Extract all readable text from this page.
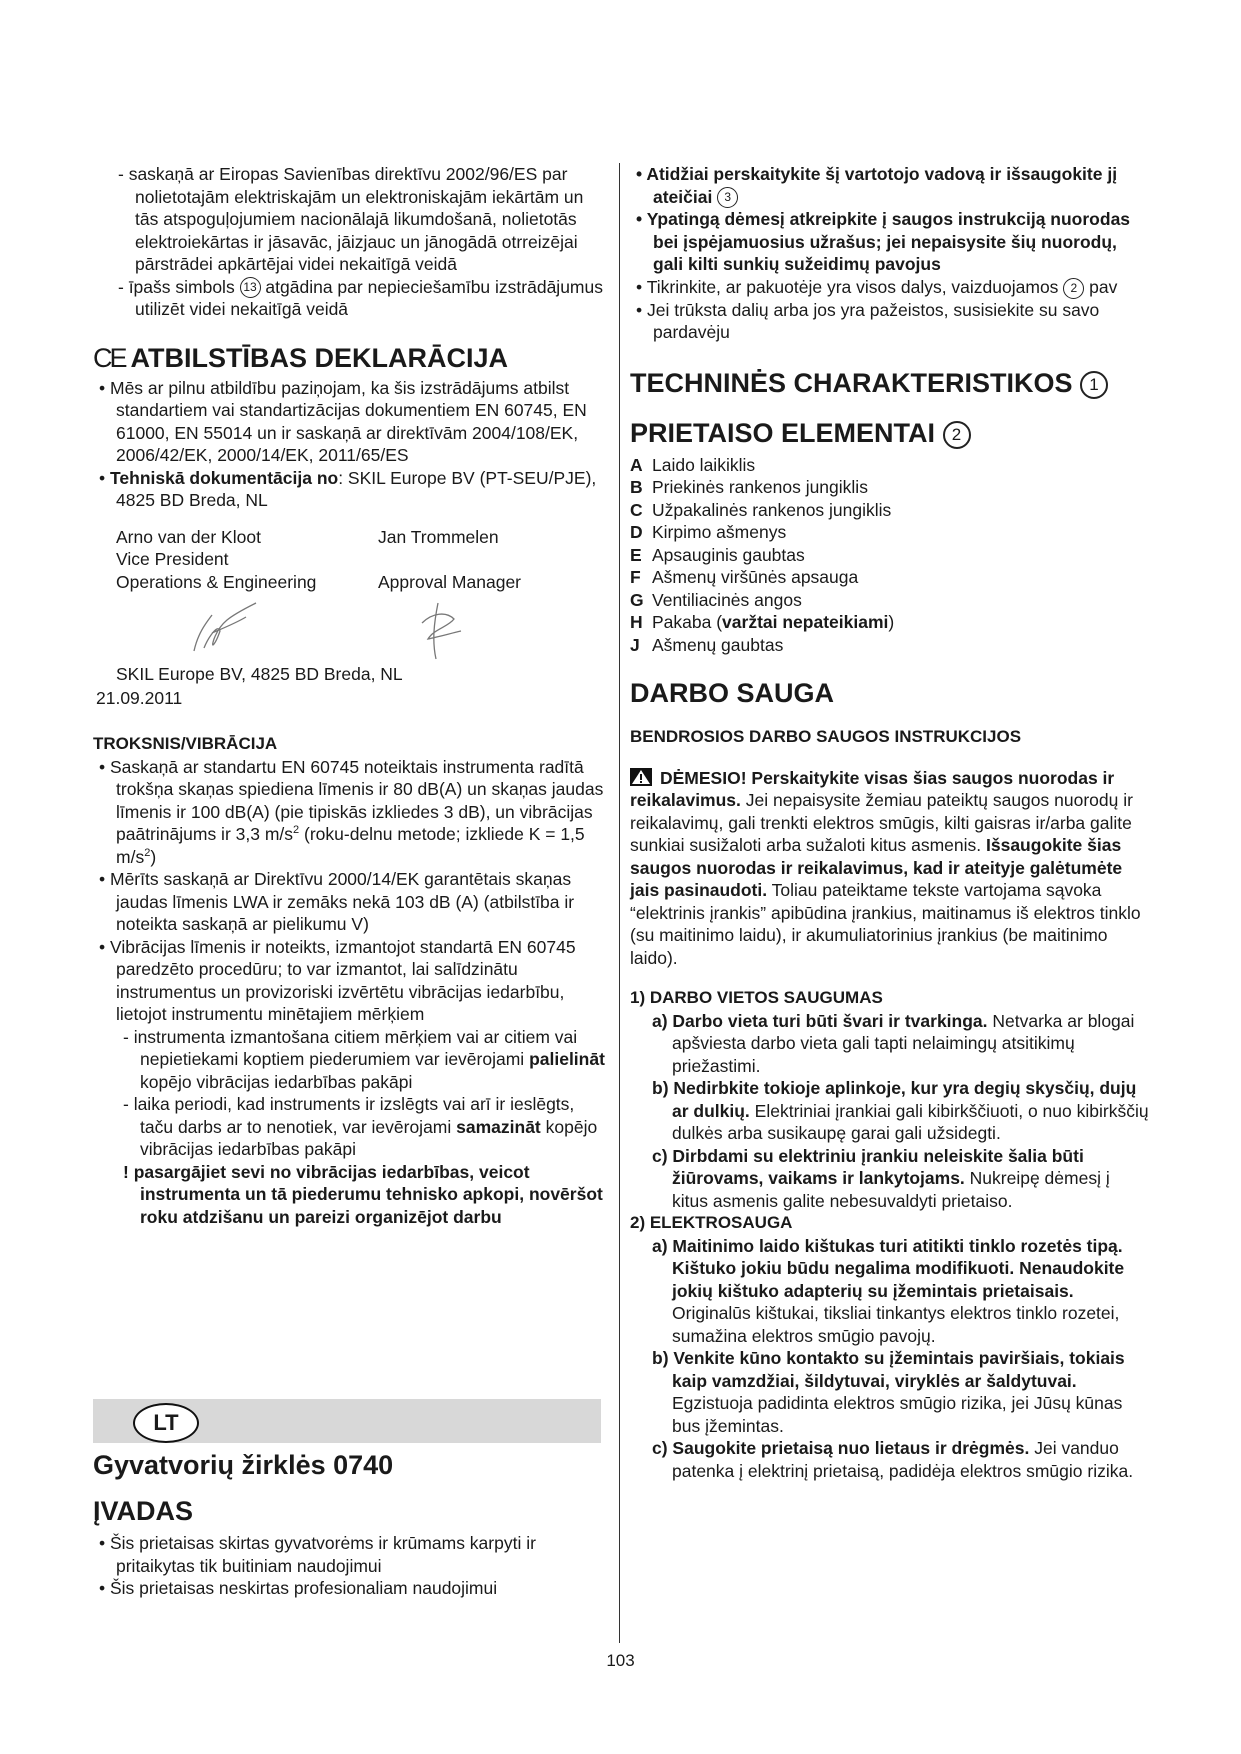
- saskaņā ar Eiropas Savienības direktīvu 2002/96/ES par nolietotajām elektriskajām un elektroniskajām iekārtām un tās atspoguļojumiem nacionālajā likumdošanā, nolietotās elektroiekārtas ir jāsavāc, jāizjauc un jānogādā otrreizējai pārstrādei apkārtējai videi nekaitīgā veidā

- īpašs simbols 13 atgādina par nepieciešamību izstrādājumus utilizēt videi nekaitīgā veidā

CE ATBILSTĪBAS DEKLARĀCIJA

• Mēs ar pilnu atbildību paziņojam, ka šis izstrādājums atbilst standartiem vai standartizācijas dokumentiem EN 60745, EN 61000, EN 55014 un ir saskaņā ar direktīvām 2004/108/EK, 2006/42/EK, 2000/14/EK, 2011/65/ES

• Tehniskā dokumentācija no: SKIL Europe BV (PT-SEU/PJE), 4825 BD Breda, NL

Arno van der Kloot	Jan Trommelen
Vice President
Operations & Engineering	Approval Manager

SKIL Europe BV, 4825 BD Breda, NL

21.09.2011

TROKSNIS/VIBRĀCIJA

• Saskaņā ar standartu EN 60745 noteiktais instrumenta radītā trokšņa skaņas spiediena līmenis ir 80 dB(A) un skaņas jaudas līmenis ir 100 dB(A) (pie tipiskās izkliedes 3 dB), un vibrācijas paātrinājums ir 3,3 $m/s^2$ (roku-delnu metode; izkliede K = 1,5 $m/s^2$)

• Mērīts saskaņā ar Direktīvu 2000/14/EK garantētais skaņas jaudas līmenis LWA ir zemāks nekā 103 dB (A) (atbilstība ir noteikta saskaņā ar pielikumu V)

• Vibrācijas līmenis ir noteikts, izmantojot standartā EN 60745 paredzēto procedūru; to var izmantot, lai salīdzinātu instrumentus un provizoriski izvērtētu vibrācijas iedarbību, lietojot instrumentu minētajiem mērķiem

- instrumenta izmantošana citiem mērķiem vai ar citiem vai nepietiekami koptiem piederumiem var ievērojami palielināt kopējo vibrācijas iedarbības pakāpi

- laika periodi, kad instruments ir izslēgts vai arī ir ieslēgts, taču darbs ar to nenotiek, var ievērojami samazināt kopējo vibrācijas iedarbības pakāpi

! pasargājiet sevi no vibrācijas iedarbības, veicot instrumenta un tā piederumu tehnisko apkopi, novēršot roku atdzišanu un pareizi organizējot darbu

LT
Gyvatvorių žirklės 0740
ĮVADAS

• Šis prietaisas skirtas gyvatvorėms ir krūmams karpyti ir pritaikytas tik buitiniam naudojimui

• Šis prietaisas neskirtas profesionaliam naudojimui

• Atidžiai perskaitykite šį vartotojo vadovą ir išsaugokite jį ateičiai 3

• Ypatingą dėmesį atkreipkite į saugos instrukciją nuorodas bei įspėjamuosius užrašus; jei nepaisysite šių nuorodų, gali kilti sunkių sužeidimų pavojus

• Tikrinkite, ar pakuotėje yra visos dalys, vaizduojamos 2 pav

• Jei trūksta dalių arba jos yra pažeistos, susisiekite su savo pardavėju

TECHNINĖS CHARAKTERISTIKOS 1
PRIETAISO ELEMENTAI 2

A Laido laikiklis

B Priekinės rankenos jungiklis

C Užpakalinės rankenos jungiklis

D Kirpimo ašmenys

E Apsauginis gaubtas

F Ašmenų viršūnės apsauga

G Ventiliacinės angos

H Pakaba (varžtai nepateikiami)

J Ašmenų gaubtas

DARBO SAUGA

BENDROSIOS DARBO SAUGOS INSTRUKCIJOS

DĖMESIO! Perskaitykite visas šias saugos nuorodas ir reikalavimus. Jei nepaisysite žemiau pateiktų saugos nuorodų ir reikalavimų, gali trenkti elektros smūgis, kilti gaisras ir/arba galite sunkiai susižaloti arba sužaloti kitus asmenis. Išsaugokite šias saugos nuorodas ir reikalavimus, kad ir ateityje galėtumėte jais pasinaudoti. Toliau pateiktame tekste vartojama sąvoka “elektrinis įrankis” apibūdina įrankius, maitinamus iš elektros tinklo (su maitinimo laidu), ir akumuliatorinius įrankius (be maitinimo laido).

1) DARBO VIETOS SAUGUMAS

a) Darbo vieta turi būti švari ir tvarkinga. Netvarka ar blogai apšviesta darbo vieta gali tapti nelaimingų atsitikimų priežastimi.

b) Nedirbkite tokioje aplinkoje, kur yra degių skysčių, dujų ar dulkių. Elektriniai įrankiai gali kibirkščiuoti, o nuo kibirkščių dulkės arba susikaupę garai gali užsidegti.

c) Dirbdami su elektriniu įrankiu neleiskite šalia būti žiūrovams, vaikams ir lankytojams. Nukreipę dėmesį į kitus asmenis galite nebesuvaldyti prietaiso.

2) ELEKTROSAUGA

a) Maitinimo laido kištukas turi atitikti tinklo rozetės tipą. Kištuko jokiu būdu negalima modifikuoti. Nenaudokite jokių kištuko adapterių su įžemintais prietaisais. Originalūs kištukai, tiksliai tinkantys elektros tinklo rozetei, sumažina elektros smūgio pavojų.

b) Venkite kūno kontakto su įžemintais paviršiais, tokiais kaip vamzdžiai, šildytuvai, viryklės ar šaldytuvai. Egzistuoja padidinta elektros smūgio rizika, jei Jūsų kūnas bus įžemintas.

c) Saugokite prietaisą nuo lietaus ir drėgmės. Jei vanduo patenka į elektrinį prietaisą, padidėja elektros smūgio rizika.

103
